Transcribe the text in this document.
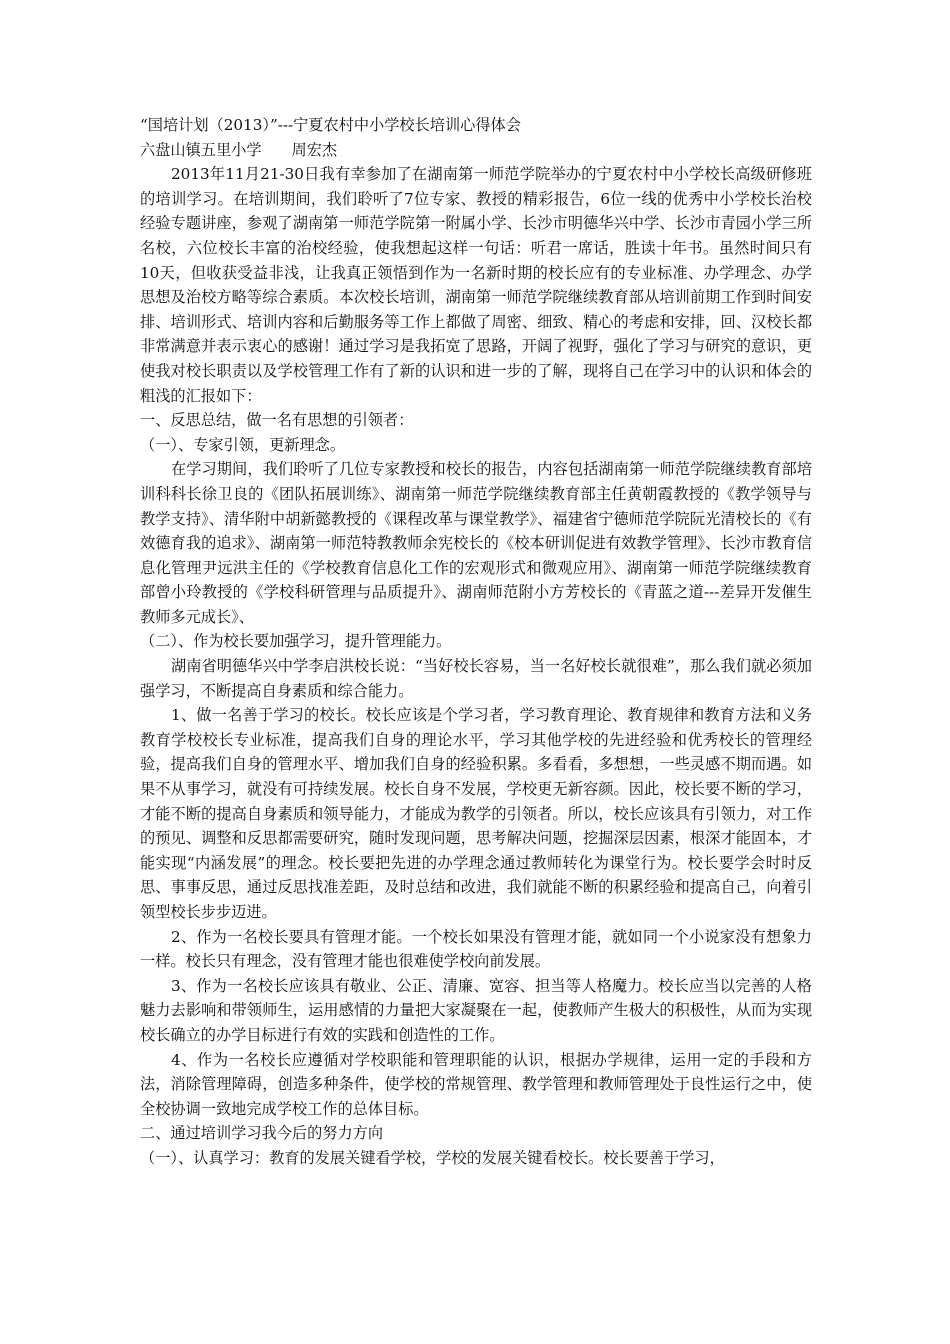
“国培计划（2013）”---宁夏农村中小学校长培训心得体会

六盘山镇五里小学 周宏杰

2013年11月21-30日我有幸参加了在湖南第一师范学院举办的宁夏农村中小学校长高级研修班的培训学习。在培训期间，我们聆听了7位专家、教授的精彩报告，6位一线的优秀中小学校长治校经验专题讲座，参观了湖南第一师范学院第一附属小学、长沙市明德华兴中学、长沙市青园小学三所名校，六位校长丰富的治校经验，使我想起这样一句话：听君一席话，胜读十年书。虽然时间只有10天，但收获受益非浅，让我真正领悟到作为一名新时期的校长应有的专业标准、办学理念、办学思想及治校方略等综合素质。本次校长培训，湖南第一师范学院继续教育部从培训前期工作到时间安排、培训形式、培训内容和后勤服务等工作上都做了周密、细致、精心的考虑和安排，回、汉校长都非常满意并表示衷心的感谢！通过学习是我拓宽了思路，开阔了视野，强化了学习与研究的意识，更使我对校长职责以及学校管理工作有了新的认识和进一步的了解，现将自己在学习中的认识和体会的粗浅的汇报如下：

一、反思总结，做一名有思想的引领者：

（一）、专家引领，更新理念。

在学习期间，我们聆听了几位专家教授和校长的报告，内容包括湖南第一师范学院继续教育部培训科科长徐卫良的《团队拓展训练》、湖南第一师范学院继续教育部主任黄朝霞教授的《教学领导与教学支持》、清华附中胡新懿教授的《课程改革与课堂教学》、福建省宁德师范学院阮光清校长的《有效德育我的追求》、湖南第一师范特教教师余宪校长的《校本研训促进有效教学管理》、长沙市教育信息化管理尹远洪主任的《学校教育信息化工作的宏观形式和微观应用》、湖南第一师范学院继续教育部曾小玲教授的《学校科研管理与品质提升》、湖南师范附小方芳校长的《青蓝之道---差异开发催生教师多元成长》、

（二）、作为校长要加强学习，提升管理能力。

湖南省明德华兴中学李启洪校长说：“当好校长容易，当一名好校长就很难”，那么我们就必须加强学习，不断提高自身素质和综合能力。

1、做一名善于学习的校长。校长应该是个学习者，学习教育理论、教育规律和教育方法和义务教育学校校长专业标准，提高我们自身的理论水平，学习其他学校的先进经验和优秀校长的管理经验，提高我们自身的管理水平、增加我们自身的经验积累。多看看，多想想，一些灵感不期而遇。如果不从事学习，就没有可持续发展。校长自身不发展，学校更无新容颜。因此，校长要不断的学习，才能不断的提高自身素质和领导能力，才能成为教学的引领者。所以，校长应该具有引领力，对工作的预见、调整和反思都需要研究，随时发现问题，思考解决问题，挖掘深层因素，根深才能固本，才能实现“内涵发展”的理念。校长要把先进的办学理念通过教师转化为课堂行为。校长要学会时时反思、事事反思，通过反思找准差距，及时总结和改进，我们就能不断的积累经验和提高自己，向着引领型校长步步迈进。

2、作为一名校长要具有管理才能。一个校长如果没有管理才能，就如同一个小说家没有想象力一样。校长只有理念，没有管理才能也很难使学校向前发展。

3、作为一名校长应该具有敬业、公正、清廉、宽容、担当等人格魔力。校长应当以完善的人格魅力去影响和带领师生，运用感情的力量把大家凝聚在一起，使教师产生极大的积极性，从而为实现校长确立的办学目标进行有效的实践和创造性的工作。

4、作为一名校长应遵循对学校职能和管理职能的认识，根据办学规律，运用一定的手段和方法，消除管理障碍，创造多种条件，使学校的常规管理、教学管理和教师管理处于良性运行之中，使全校协调一致地完成学校工作的总体目标。

二、通过培训学习我今后的努力方向

（一）、认真学习：教育的发展关键看学校，学校的发展关键看校长。校长要善于学习，
